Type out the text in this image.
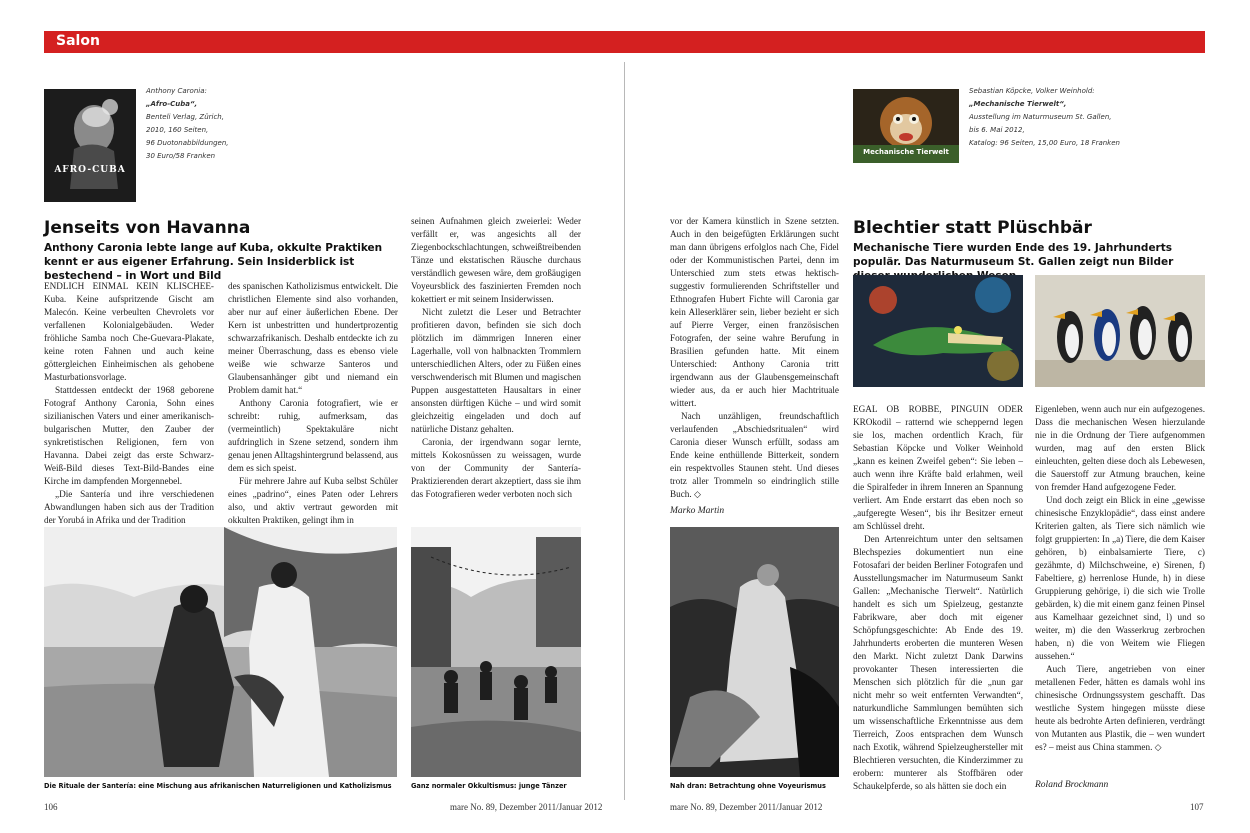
Salon
AFRO-CUBA
Anthony Caronia:
„Afro-Cuba“,
Benteli Verlag, Zürich,
2010, 160 Seiten,
96 Duotonabbildungen,
30 Euro/58 Franken
Jenseits von Havanna
Anthony Caronia lebte lange auf Kuba, okkulte Praktiken kennt er aus eigener Erfahrung. Sein Insiderblick ist bestechend – in Wort und Bild

ENDLICH EINMAL KEIN KLISCHEE-Kuba. Keine aufspritzende Gischt am Malecón. Keine verbeulten Chevrolets vor verfallenen Kolonialgebäuden. Weder fröhliche Samba noch Che-Guevara-Plakate, keine roten Fahnen und auch keine göttergleichen Einheimischen als gehobene Masturbationsvorlage.

Stattdessen entdeckt der 1968 geborene Fotograf Anthony Caronia, Sohn eines sizilianischen Vaters und einer amerikanisch-bulgarischen Mutter, den Zauber der synkretistischen Religionen, fern von Havanna. Dabei zeigt das erste Schwarz-Weiß-Bild dieses Text-Bild-Bandes eine Kirche im dampfenden Morgennebel.

„Die Santería und ihre verschiedenen Abwandlungen haben sich aus der Tradition der Yorubá in Afrika und der Tradition

des spanischen Katholizismus entwickelt. Die christlichen Elemente sind also vorhanden, aber nur auf einer äußerlichen Ebene. Der Kern ist unbestritten und hundertprozentig schwarzafrikanisch. Deshalb entdeckte ich zu meiner Überraschung, dass es ebenso viele weiße wie schwarze Santeros und Glaubensanhänger gibt und niemand ein Problem damit hat.“

Anthony Caronia fotografiert, wie er schreibt: ruhig, aufmerksam, das (vermeintlich) Spektakuläre nicht aufdringlich in Szene setzend, sondern ihm genau jenen Alltagshintergrund belassend, aus dem es sich speist.

Für mehrere Jahre auf Kuba selbst Schüler eines „padrino“, eines Paten oder Lehrers also, und aktiv vertraut geworden mit okkulten Praktiken, gelingt ihm in

seinen Aufnahmen gleich zweierlei: Weder verfällt er, was angesichts all der Ziegenbockschlachtungen, schweißtreibenden Tänze und ekstatischen Räusche durchaus verständlich gewesen wäre, dem großäugigen Voyeursblick des faszinierten Fremden noch kokettiert er mit seinem Insiderwissen.

Nicht zuletzt die Leser und Betrachter profitieren davon, befinden sie sich doch plötzlich im dämmrigen Inneren einer Lagerhalle, voll von halbnackten Trommlern unterschiedlichen Alters, oder zu Füßen eines verschwenderisch mit Blumen und magischen Puppen ausgestatteten Hausaltars in einer ansonsten dürftigen Küche – und wird somit gleichzeitig eingeladen und doch auf natürliche Distanz gehalten.

Caronia, der irgendwann sogar lernte, mittels Kokosnüssen zu weissagen, wurde von der Community der Santería-Praktizierenden derart akzeptiert, dass sie ihm das Fotografieren weder verboten noch sich

Die Rituale der Santería: eine Mischung aus afrikanischen Naturreligionen und Katholizismus	Ganz normaler Okkultismus: junge Tänzer
106	mare No. 89, Dezember 2011/Januar 2012

vor der Kamera künstlich in Szene setzten. Auch in den beigefügten Erklärungen sucht man dann übrigens erfolglos nach Che, Fidel oder der Kommunistischen Partei, denn im Unterschied zum stets etwas hektisch-suggestiv formulierenden Schriftsteller und Ethnografen Hubert Fichte will Caronia gar kein Alleserklärer sein, lieber bezieht er sich auf Pierre Verger, einen französischen Fotografen, der seine wahre Berufung in Brasilien gefunden hatte. Mit einem Unterschied: Anthony Caronia tritt irgendwann aus der Glaubensgemeinschaft wieder aus, da er auch hier Machtrituale wittert.

Nach unzähligen, freundschaftlich verlaufenden „Abschiedsritualen“ wird Caronia dieser Wunsch erfüllt, sodass am Ende keine enthüllende Bitterkeit, sondern ein respektvolles Staunen steht. Und dieses trotz aller Trommeln so eindringlich stille Buch. ◇

Marko Martin
Nah dran: Betrachtung ohne Voyeurismus
Mechanische Tierwelt
Sebastian Köpcke, Volker Weinhold:
„Mechanische Tierwelt“,
Ausstellung im Naturmuseum St. Gallen,
bis 6. Mai 2012,
Katalog: 96 Seiten, 15,00 Euro, 18 Franken
Blechtier statt Plüschbär
Mechanische Tiere wurden Ende des 19. Jahrhunderts populär. Das Naturmuseum St. Gallen zeigt nun Bilder

EGAL OB ROBBE, PINGUIN ODER KROkodil – ratternd wie scheppernd legen sie los, machen ordentlich Krach, für Sebastian Köpcke und Volker Weinhold „kann es keinen Zweifel geben“: Sie leben – auch wenn ihre Kräfte bald erlahmen, weil die Spiralfeder in ihrem Inneren an Spannung verliert. Am Ende erstarrt das eben noch so „aufgeregte Wesen“, bis ihr Besitzer erneut am Schlüssel dreht.

Den Artenreichtum unter den seltsamen Blechspezies dokumentiert nun eine Fotosafari der beiden Berliner Fotografen und Ausstellungsmacher im Naturmuseum Sankt Gallen: „Mechanische Tierwelt“. Natürlich handelt es sich um Spielzeug, gestanzte Fabrikware, aber doch mit eigener Schöpfungsgeschichte: Ab Ende des 19. Jahrhunderts eroberten die munteren Wesen den Markt. Nicht zuletzt Dank Darwins provokanter Thesen interessierten die Menschen sich plötzlich für die „nun gar nicht mehr so weit entfernten Verwandten“, naturkundliche Sammlungen bemühten sich um wissenschaftliche Erkenntnisse aus dem Tierreich, Zoos entsprachen dem Wunsch nach Exotik, während Spielzeughersteller mit Blechtieren versuchten, die Kinderzimmer zu erobern: munterer als Stoffbären oder Schaukelpferde, so als hätten sie doch ein

Eigenleben, wenn auch nur ein aufgezogenes. Dass die mechanischen Wesen hierzulande nie in die Ordnung der Tiere aufgenommen wurden, mag auf den ersten Blick einleuchten, gelten diese doch als Lebewesen, die Sauerstoff zur Atmung brauchen, keine von fremder Hand aufgezogene Feder.

Und doch zeigt ein Blick in eine „gewisse chinesische Enzyklopädie“, dass einst andere Kriterien galten, als Tiere sich nämlich wie folgt gruppierten: In „a) Tiere, die dem Kaiser gehören, b) einbalsamierte Tiere, c) gezähmte, d) Milchschweine, e) Sirenen, f) Fabeltiere, g) herrenlose Hunde, h) in diese Gruppierung gehörige, i) die sich wie Trolle gebärden, k) die mit einem ganz feinen Pinsel aus Kamelhaar gezeichnet sind, l) und so weiter, m) die den Wasserkrug zerbrochen haben, n) die von Weitem wie Fliegen aussehen.“

Auch Tiere, angetrieben von einer metallenen Feder, hätten es damals wohl ins chinesische Ordnungssystem geschafft. Das westliche System hingegen müsste diese heute als bedrohte Arten definieren, verdrängt von Mutanten aus Plastik, die – wen wundert es? – meist aus China stammen. ◇

Roland Brockmann
mare No. 89, Dezember 2011/Januar 2012	107
